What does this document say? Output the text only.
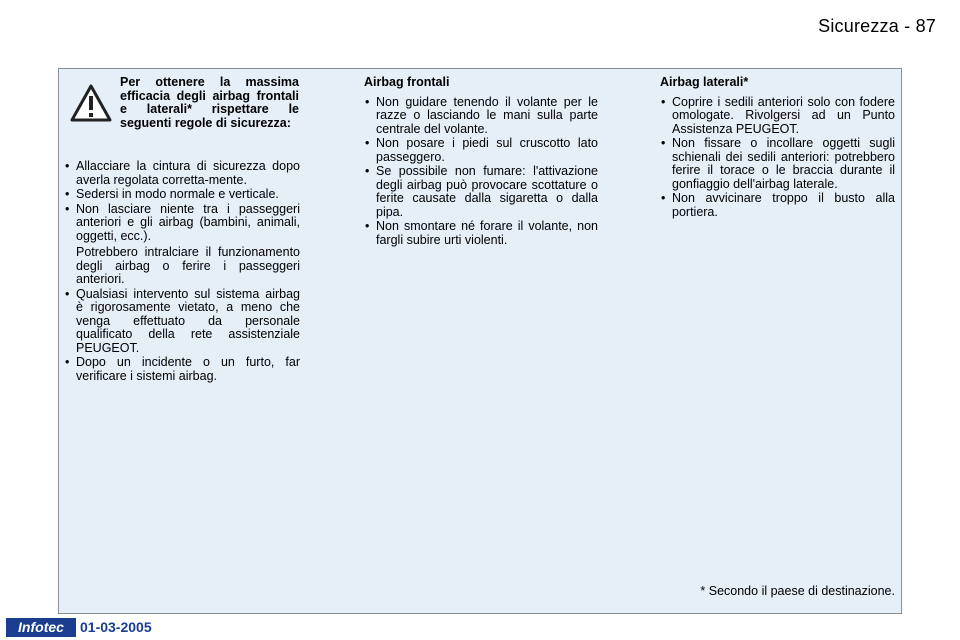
Sicurezza - 87
Per ottenere la massima efficacia degli airbag frontali e laterali* rispettare le seguenti regole di sicurezza:
• Allacciare la cintura di sicurezza dopo averla regolata corretta-mente.
• Sedersi in modo normale e verticale.
• Non lasciare niente tra i passeggeri anteriori e gli airbag (bambini, animali, oggetti, ecc.).

Potrebbero intralciare il funzionamento degli airbag o ferire i passeggeri anteriori.

• Qualsiasi intervento sul sistema airbag è rigorosamente vietato, a meno che venga effettuato da personale qualificato della rete assistenziale PEUGEOT.
• Dopo un incidente o un furto, far verificare i sistemi airbag.
Airbag frontali
• Non guidare tenendo il volante per le razze o lasciando le mani sulla parte centrale del volante.
• Non posare i piedi sul cruscotto lato passeggero.
• Se possibile non fumare: l'attivazione degli airbag può provocare scottature o ferite causate dalla sigaretta o dalla pipa.
• Non smontare né forare il volante, non fargli subire urti violenti.
Airbag laterali*
• Coprire i sedili anteriori solo con fodere omologate. Rivolgersi ad un Punto Assistenza PEUGEOT.
• Non fissare o incollare oggetti sugli schienali dei sedili anteriori: potrebbero ferire il torace o le braccia durante il gonfiaggio dell'airbag laterale.
• Non avvicinare troppo il busto alla portiera.
* Secondo il paese di destinazione.
Infotec	01-03-2005
